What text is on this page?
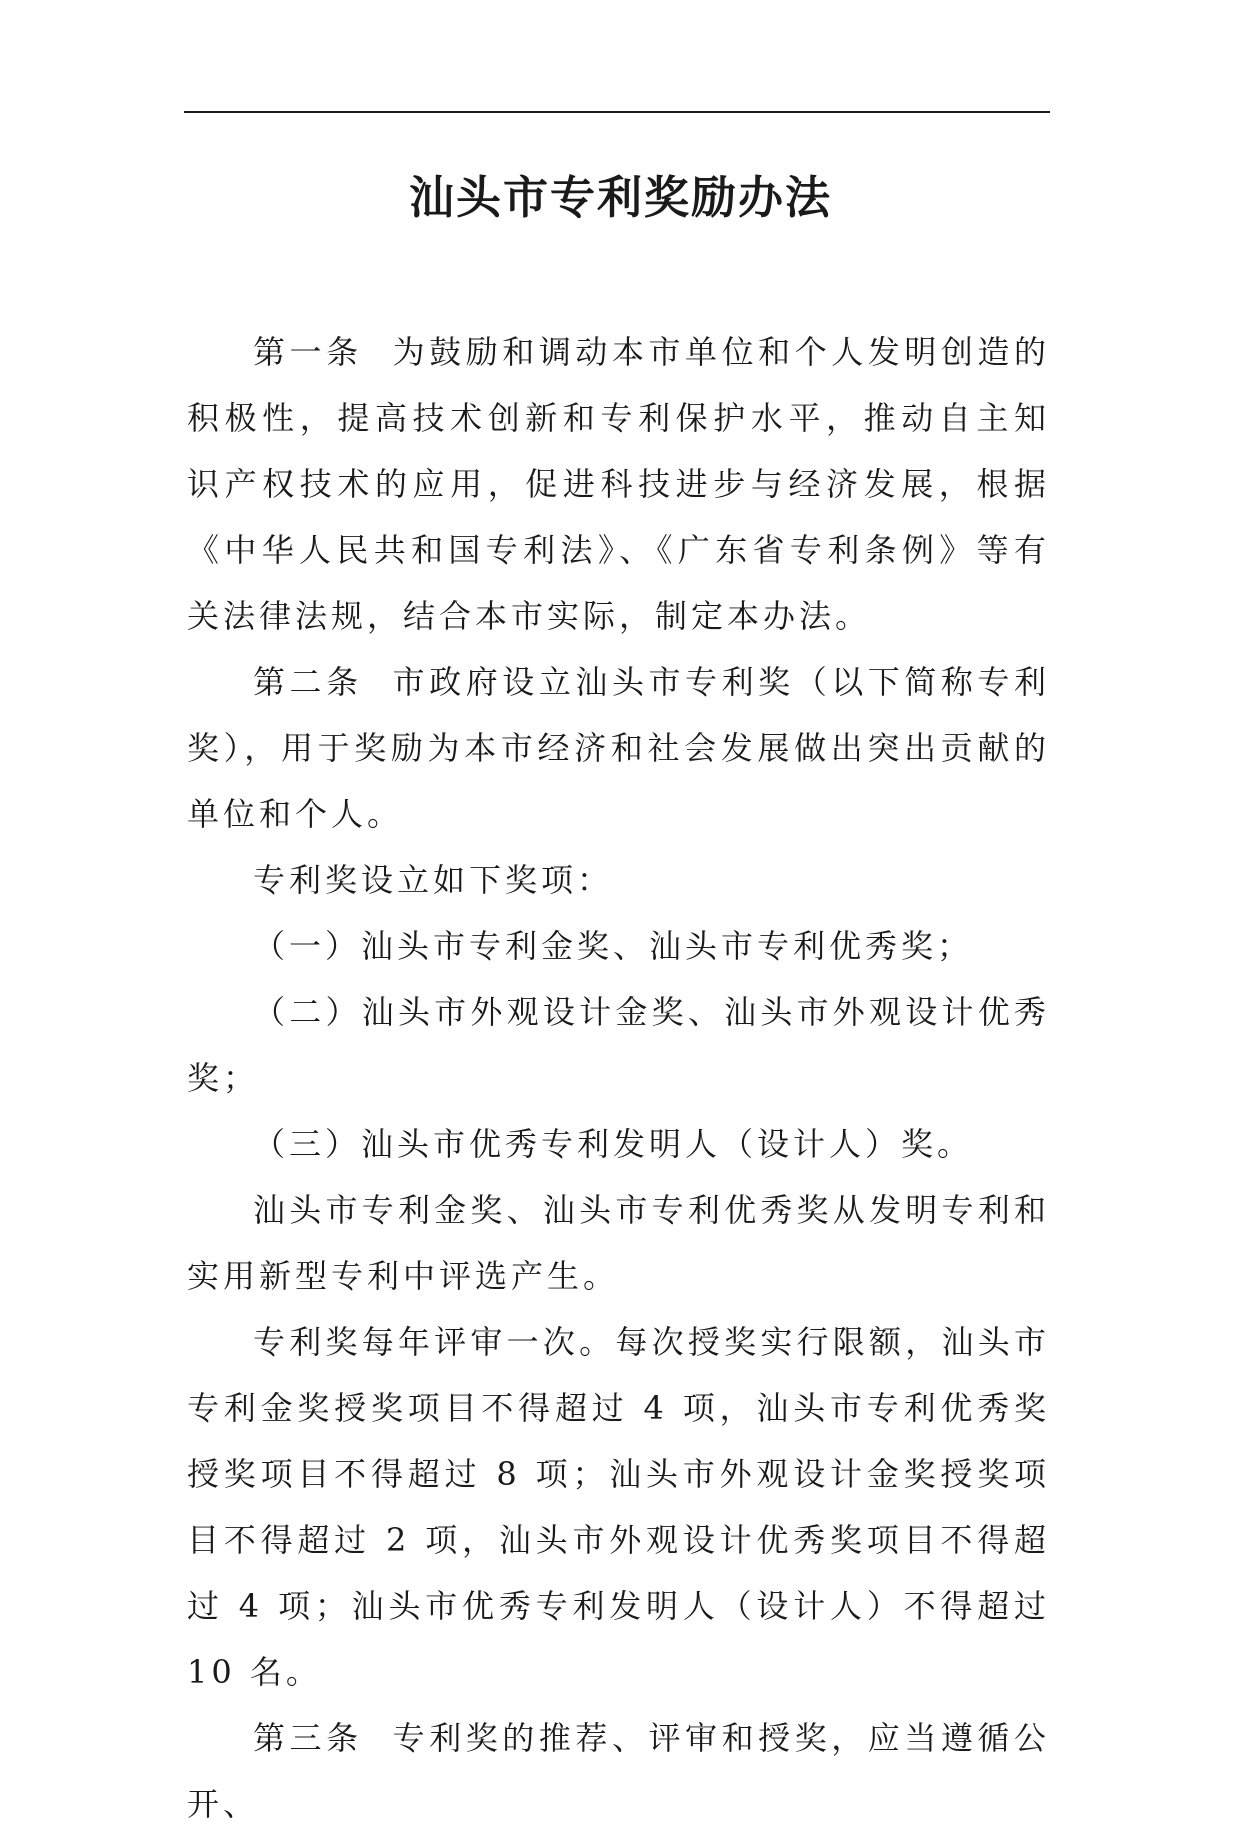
汕头市专利奖励办法

第一条 为鼓励和调动本市单位和个人发明创造的积极性，提高技术创新和专利保护水平，推动自主知识产权技术的应用，促进科技进步与经济发展，根据《中华人民共和国专利法》、《广东省专利条例》等有关法律法规，结合本市实际，制定本办法。

第二条 市政府设立汕头市专利奖（以下简称专利奖），用于奖励为本市经济和社会发展做出突出贡献的单位和个人。

专利奖设立如下奖项：

（一）汕头市专利金奖、汕头市专利优秀奖；

（二）汕头市外观设计金奖、汕头市外观设计优秀奖；

（三）汕头市优秀专利发明人（设计人）奖。

汕头市专利金奖、汕头市专利优秀奖从发明专利和实用新型专利中评选产生。

专利奖每年评审一次。每次授奖实行限额，汕头市专利金奖授奖项目不得超过 4 项，汕头市专利优秀奖授奖项目不得超过 8 项；汕头市外观设计金奖授奖项目不得超过 2 项，汕头市外观设计优秀奖项目不得超过 4 项；汕头市优秀专利发明人（设计人）不得超过 10 名。

第三条 专利奖的推荐、评审和授奖，应当遵循公开、
